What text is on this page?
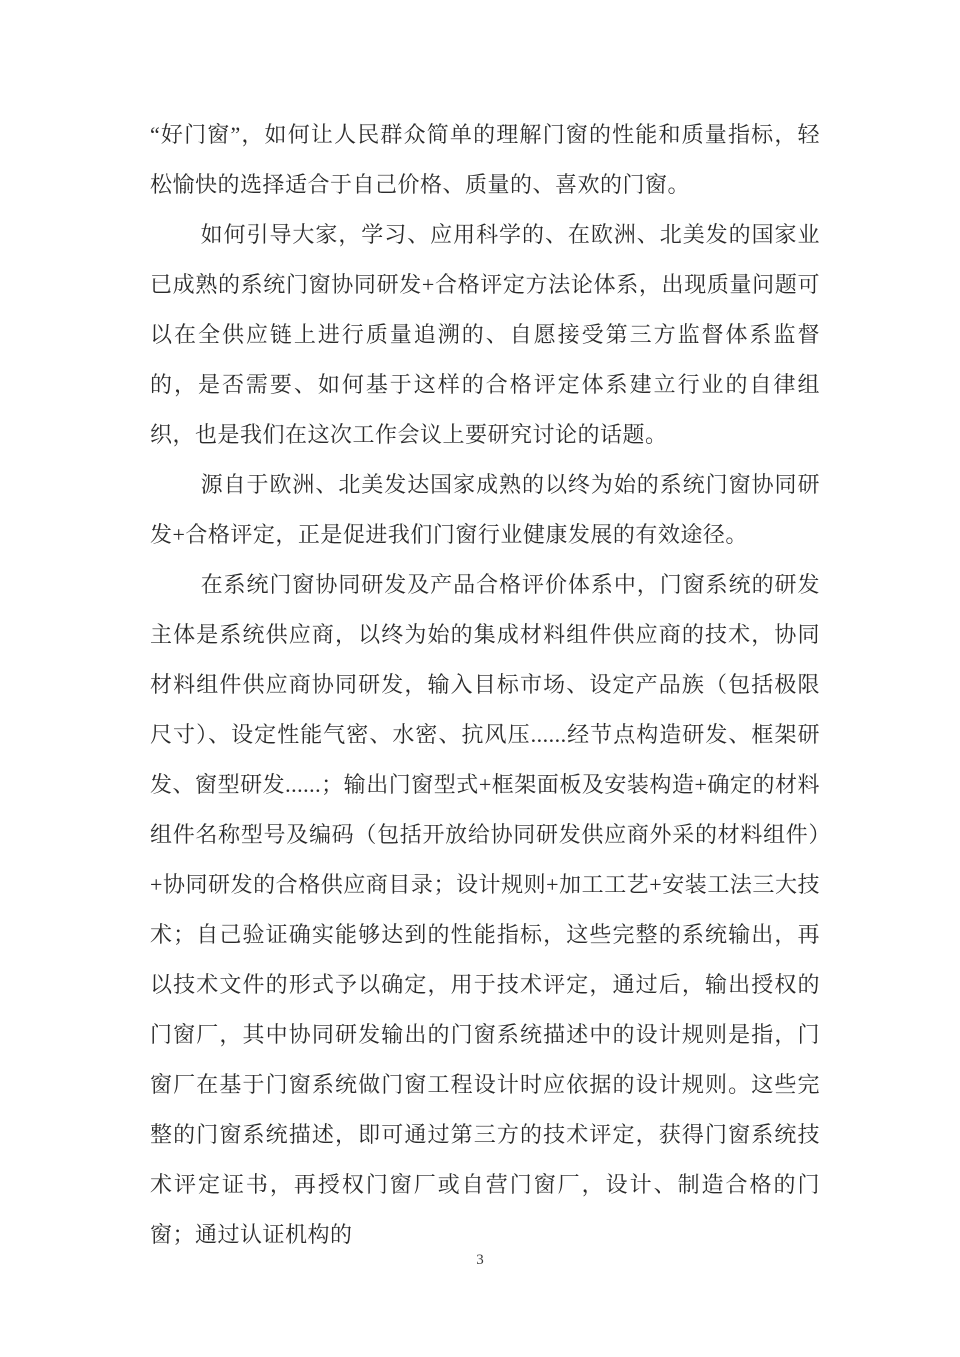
“好门窗”，如何让人民群众简单的理解门窗的性能和质量指标，轻松愉快的选择适合于自己价格、质量的、喜欢的门窗。

如何引导大家，学习、应用科学的、在欧洲、北美发的国家业已成熟的系统门窗协同研发+合格评定方法论体系，出现质量问题可以在全供应链上进行质量追溯的、自愿接受第三方监督体系监督的，是否需要、如何基于这样的合格评定体系建立行业的自律组织，也是我们在这次工作会议上要研究讨论的话题。

源自于欧洲、北美发达国家成熟的以终为始的系统门窗协同研发+合格评定，正是促进我们门窗行业健康发展的有效途径。

在系统门窗协同研发及产品合格评价体系中，门窗系统的研发主体是系统供应商，以终为始的集成材料组件供应商的技术，协同材料组件供应商协同研发，输入目标市场、设定产品族（包括极限尺寸）、设定性能气密、水密、抗风压......经节点构造研发、框架研发、窗型研发......；输出门窗型式+框架面板及安装构造+确定的材料组件名称型号及编码（包括开放给协同研发供应商外采的材料组件）+协同研发的合格供应商目录；设计规则+加工工艺+安装工法三大技术；自己验证确实能够达到的性能指标，这些完整的系统输出，再以技术文件的形式予以确定，用于技术评定，通过后，输出授权的门窗厂，其中协同研发输出的门窗系统描述中的设计规则是指，门窗厂在基于门窗系统做门窗工程设计时应依据的设计规则。这些完整的门窗系统描述，即可通过第三方的技术评定，获得门窗系统技术评定证书，再授权门窗厂或自营门窗厂，设计、制造合格的门窗；通过认证机构的

3
